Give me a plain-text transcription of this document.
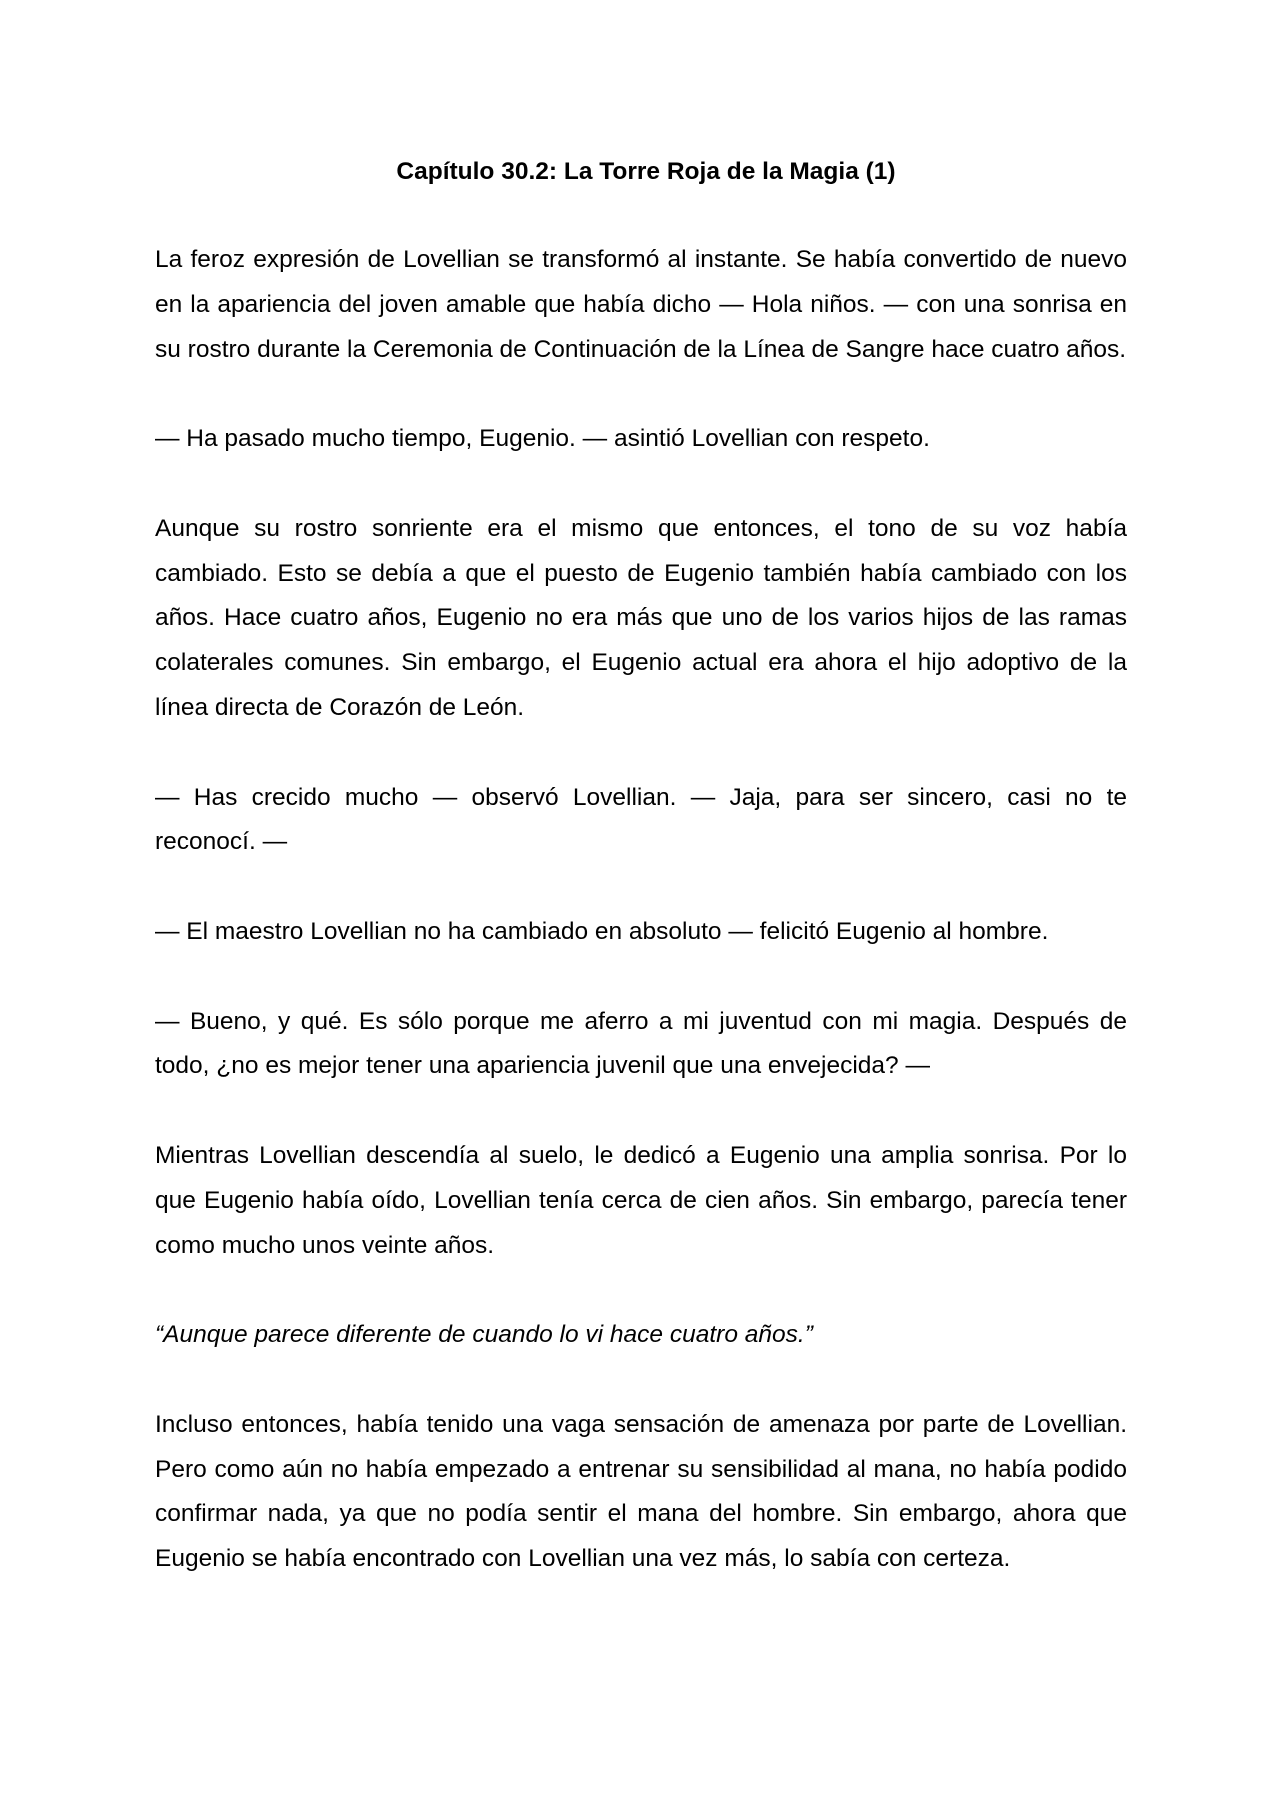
Capítulo 30.2: La Torre Roja de la Magia (1)

La feroz expresión de Lovellian se transformó al instante. Se había convertido de nuevo en la apariencia del joven amable que había dicho — Hola niños. — con una sonrisa en su rostro durante la Ceremonia de Continuación de la Línea de Sangre hace cuatro años.

— Ha pasado mucho tiempo, Eugenio. — asintió Lovellian con respeto.

Aunque su rostro sonriente era el mismo que entonces, el tono de su voz había cambiado. Esto se debía a que el puesto de Eugenio también había cambiado con los años. Hace cuatro años, Eugenio no era más que uno de los varios hijos de las ramas colaterales comunes. Sin embargo, el Eugenio actual era ahora el hijo adoptivo de la línea directa de Corazón de León.

— Has crecido mucho — observó Lovellian. — Jaja, para ser sincero, casi no te reconocí. —

— El maestro Lovellian no ha cambiado en absoluto — felicitó Eugenio al hombre.

— Bueno, y qué. Es sólo porque me aferro a mi juventud con mi magia. Después de todo, ¿no es mejor tener una apariencia juvenil que una envejecida? —

Mientras Lovellian descendía al suelo, le dedicó a Eugenio una amplia sonrisa. Por lo que Eugenio había oído, Lovellian tenía cerca de cien años. Sin embargo, parecía tener como mucho unos veinte años.

“Aunque parece diferente de cuando lo vi hace cuatro años.”

Incluso entonces, había tenido una vaga sensación de amenaza por parte de Lovellian. Pero como aún no había empezado a entrenar su sensibilidad al mana, no había podido confirmar nada, ya que no podía sentir el mana del hombre. Sin embargo, ahora que Eugenio se había encontrado con Lovellian una vez más, lo sabía con certeza.
